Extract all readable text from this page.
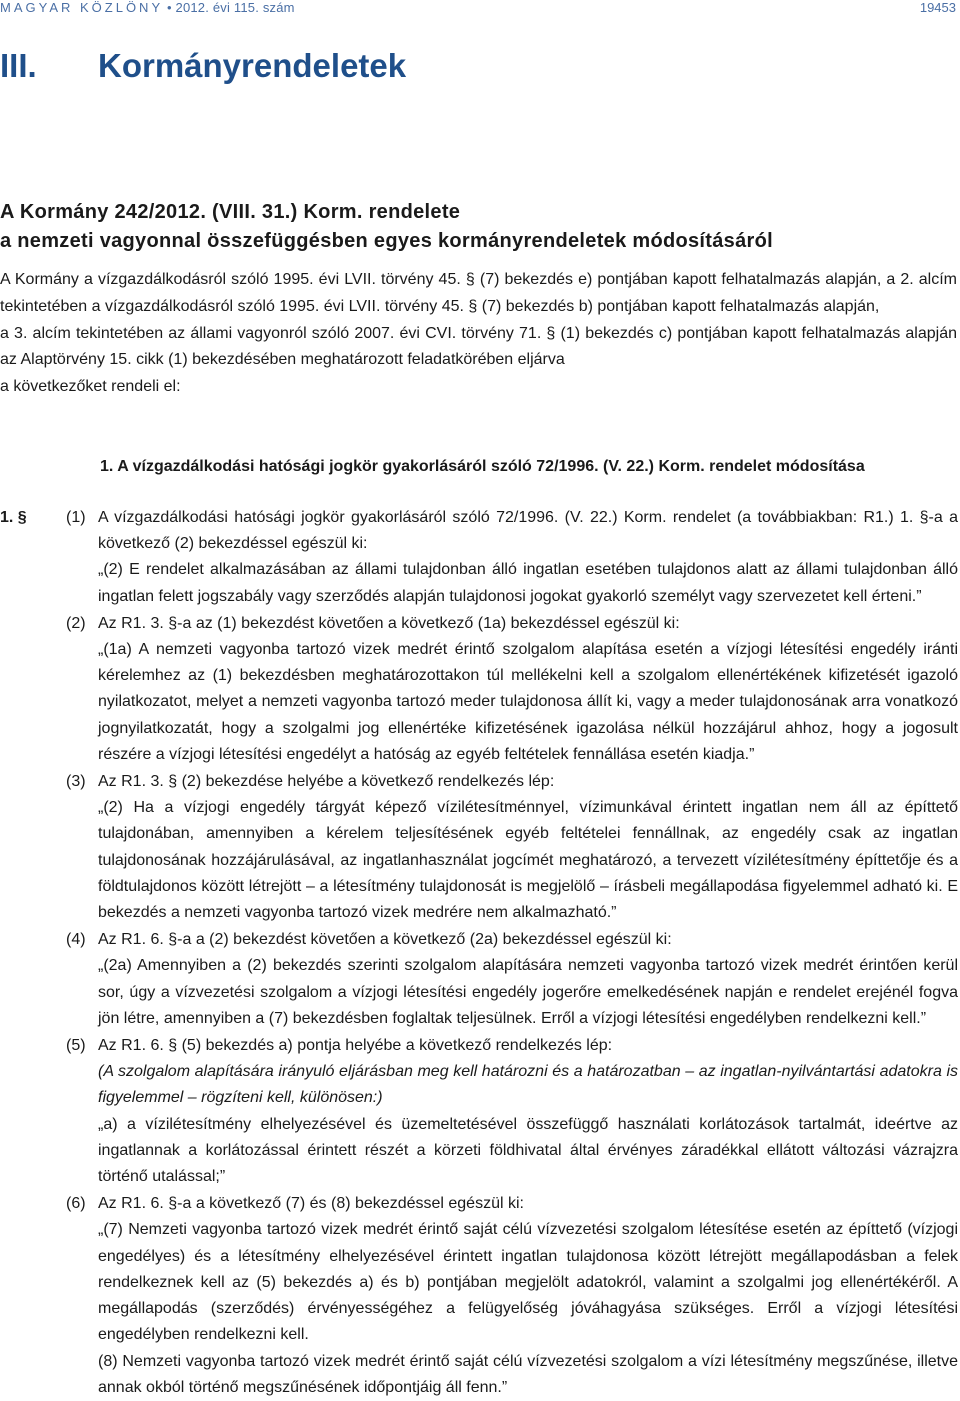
MAGYAR KÖZLÖNY • 2012. évi 115. szám	19453
III. Kormányrendeletek
A Kormány 242/2012. (VIII. 31.) Korm. rendelete
a nemzeti vagyonnal összefüggésben egyes kormányrendeletek módosításáról

A Kormány a vízgazdálkodásról szóló 1995. évi LVII. törvény 45. § (7) bekezdés e) pontjában kapott felhatalmazás alapján, a 2. alcím tekintetében a vízgazdálkodásról szóló 1995. évi LVII. törvény 45. § (7) bekezdés b) pontjában kapott felhatalmazás alapján,

a 3. alcím tekintetében az állami vagyonról szóló 2007. évi CVI. törvény 71. § (1) bekezdés c) pontjában kapott felhatalmazás alapján az Alaptörvény 15. cikk (1) bekezdésében meghatározott feladatkörében eljárva

a következőket rendeli el:

1. A vízgazdálkodási hatósági jogkör gyakorlásáról szóló 72/1996. (V. 22.) Korm. rendelet módosítása
1. § (1) A vízgazdálkodási hatósági jogkör gyakorlásáról szóló 72/1996. (V. 22.) Korm. rendelet (a továbbiakban: R1.) 1. §-a a következő (2) bekezdéssel egészül ki:
„(2) E rendelet alkalmazásában az állami tulajdonban álló ingatlan esetében tulajdonos alatt az állami tulajdonban álló ingatlan felett jogszabály vagy szerződés alapján tulajdonosi jogokat gyakorló személyt vagy szervezetet kell érteni.”
(2) Az R1. 3. §-a az (1) bekezdést követően a következő (1a) bekezdéssel egészül ki:
„(1a) A nemzeti vagyonba tartozó vizek medrét érintő szolgalom alapítása esetén a vízjogi létesítési engedély iránti kérelemhez az (1) bekezdésben meghatározottakon túl mellékelni kell a szolgalom ellenértékének kifizetését igazoló nyilatkozatot, melyet a nemzeti vagyonba tartozó meder tulajdonosa állít ki, vagy a meder tulajdonosának arra vonatkozó jognyilatkozatát, hogy a szolgalmi jog ellenértéke kifizetésének igazolása nélkül hozzájárul ahhoz, hogy a jogosult részére a vízjogi létesítési engedélyt a hatóság az egyéb feltételek fennállása esetén kiadja.”
(3) Az R1. 3. § (2) bekezdése helyébe a következő rendelkezés lép:
„(2) Ha a vízjogi engedély tárgyát képező vízilétesítménnyel, vízimunkával érintett ingatlan nem áll az építtető tulajdonában, amennyiben a kérelem teljesítésének egyéb feltételei fennállnak, az engedély csak az ingatlan tulajdonosának hozzájárulásával, az ingatlanhasználat jogcímét meghatározó, a tervezett vízilétesítmény építtetője és a földtulajdonos között létrejött – a létesítmény tulajdonosát is megjelölő – írásbeli megállapodása figyelemmel adható ki. E bekezdés a nemzeti vagyonba tartozó vizek medrére nem alkalmazható.”
(4) Az R1. 6. §-a a (2) bekezdést követően a következő (2a) bekezdéssel egészül ki:
„(2a) Amennyiben a (2) bekezdés szerinti szolgalom alapítására nemzeti vagyonba tartozó vizek medrét érintően kerül sor, úgy a vízvezetési szolgalom a vízjogi létesítési engedély jogerőre emelkedésének napján e rendelet erejénél fogva jön létre, amennyiben a (7) bekezdésben foglaltak teljesülnek. Erről a vízjogi létesítési engedélyben rendelkezni kell.”
(5) Az R1. 6. § (5) bekezdés a) pontja helyébe a következő rendelkezés lép:
(A szolgalom alapítására irányuló eljárásban meg kell határozni és a határozatban – az ingatlan-nyilvántartási adatokra is figyelemmel – rögzíteni kell, különösen:)
„a) a vízilétesítmény elhelyezésével és üzemeltetésével összefüggő használati korlátozások tartalmát, ideértve az ingatlannak a korlátozással érintett részét a körzeti földhivatal által érvényes záradékkal ellátott változási vázrajzra történő utalással;”
(6) Az R1. 6. §-a a következő (7) és (8) bekezdéssel egészül ki:
„(7) Nemzeti vagyonba tartozó vizek medrét érintő saját célú vízvezetési szolgalom létesítése esetén az építtető (vízjogi engedélyes) és a létesítmény elhelyezésével érintett ingatlan tulajdonosa között létrejött megállapodásban a felek rendelkeznek kell az (5) bekezdés a) és b) pontjában megjelölt adatokról, valamint a szolgalmi jog ellenértékéről. A megállapodás (szerződés) érvényességéhez a felügyelőség jóváhagyása szükséges. Erről a vízjogi létesítési engedélyben rendelkezni kell.
(8) Nemzeti vagyonba tartozó vizek medrét érintő saját célú vízvezetési szolgalom a vízi létesítmény megszűnése, illetve annak okból történő megszűnésének időpontjáig áll fenn.”
